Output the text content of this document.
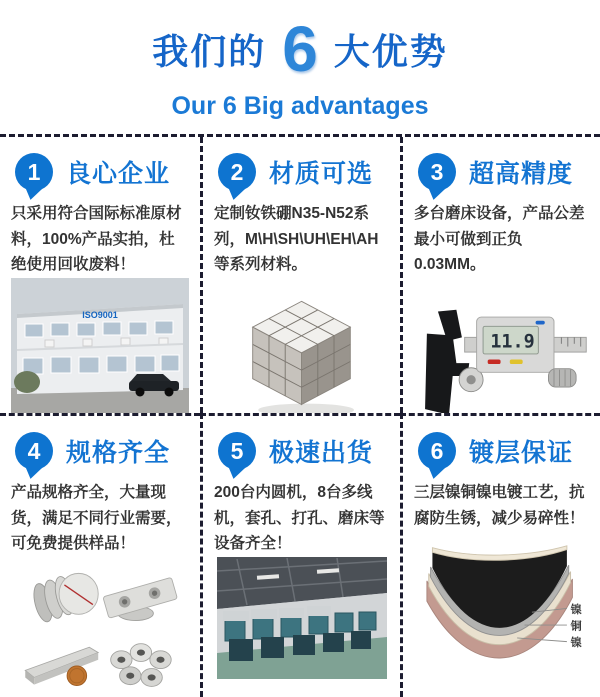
我们的 6 大优势
Our 6 Big advantages
1 良心企业
只采用符合国际标准原材料，100%产品实拍，杜绝使用回收废料！
ISO9001
2 材质可选
定制钕铁硼N35-N52系列，M\H\SH\UH\EH\AH等系列材料。
3 超高精度
多台磨床设备，产品公差最小可做到正负0.03MM。
11.9
4 规格齐全
产品规格齐全，大量现货，满足不同行业需要，可免费提供样品！
5 极速出货
200台内圆机，8台多线机，套孔、打孔、磨床等设备齐全！
6 镀层保证
三层镍铜镍电镀工艺，抗腐防生锈，减少易碎性！
镍
铜
镍
